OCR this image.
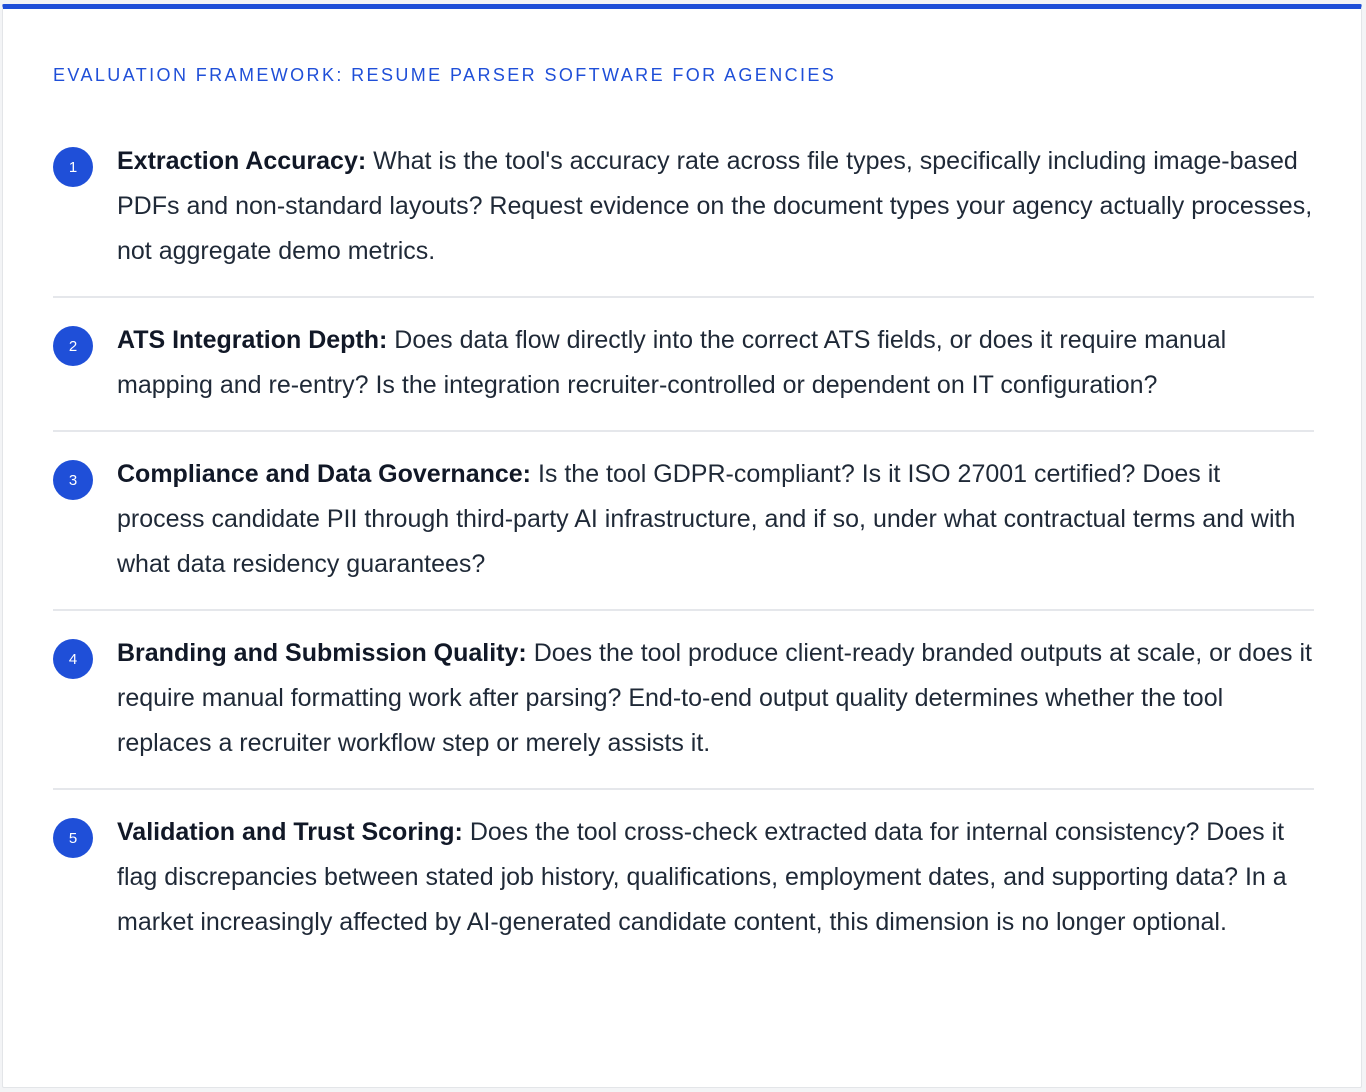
EVALUATION FRAMEWORK: RESUME PARSER SOFTWARE FOR AGENCIES
1	Extraction Accuracy: What is the tool's accuracy rate across file types, specifically including image-based PDFs and non-standard layouts? Request evidence on the document types your agency actually processes, not aggregate demo metrics.
2	ATS Integration Depth: Does data flow directly into the correct ATS fields, or does it require manual mapping and re-entry? Is the integration recruiter-controlled or dependent on IT configuration?
3	Compliance and Data Governance: Is the tool GDPR-compliant? Is it ISO 27001 certified? Does it process candidate PII through third-party AI infrastructure, and if so, under what contractual terms and with what data residency guarantees?
4	Branding and Submission Quality: Does the tool produce client-ready branded outputs at scale, or does it require manual formatting work after parsing? End-to-end output quality determines whether the tool replaces a recruiter workflow step or merely assists it.
5	Validation and Trust Scoring: Does the tool cross-check extracted data for internal consistency? Does it flag discrepancies between stated job history, qualifications, employment dates, and supporting data? In a market increasingly affected by AI-generated candidate content, this dimension is no longer optional.
